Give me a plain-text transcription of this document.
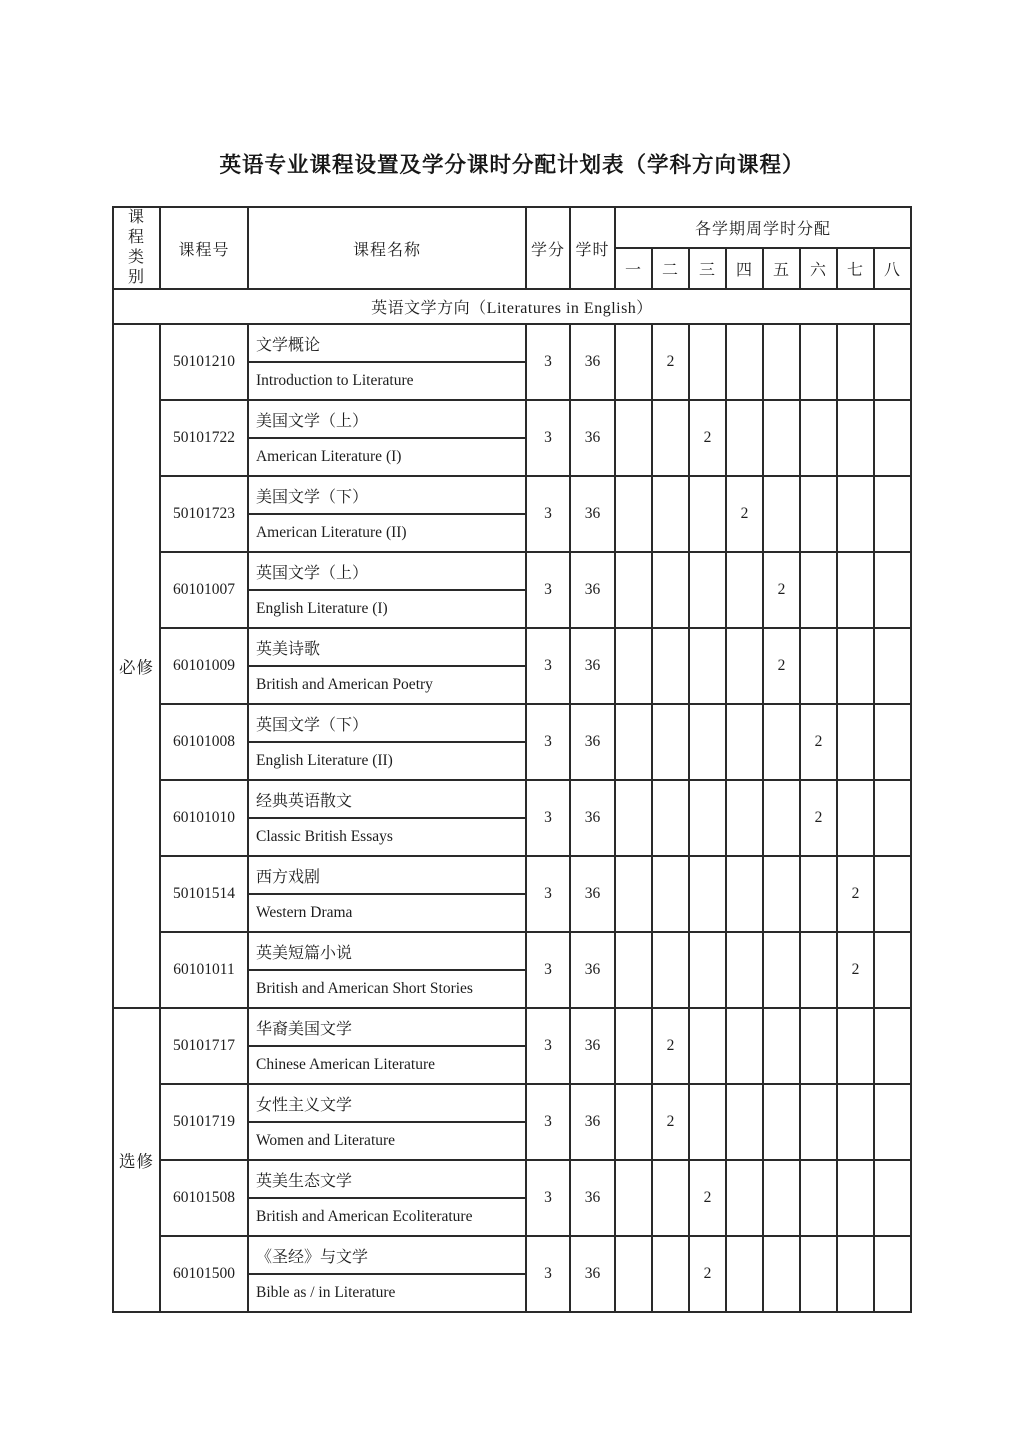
英语专业课程设置及学分课时分配计划表（学科方向课程）
课程 类别	课程号	课程名称	学分	学时	各学期周学时分配							
					一	二	三	四	五	六	七	八
英语文学方向（Literatures in English）												
必修	50101210	文学概论	3	36		2						
		Introduction to Literature										
	50101722	美国文学（上）	3	36			2					
		American Literature (I)										
	50101723	美国文学（下）	3	36				2				
		American Literature (II)										
	60101007	英国文学（上）	3	36					2			
		English Literature (I)										
	60101009	英美诗歌	3	36					2			
		British and American Poetry										
	60101008	英国文学（下）	3	36						2		
		English Literature (II)										
	60101010	经典英语散文	3	36						2		
		Classic British Essays										
	50101514	西方戏剧	3	36							2	
		Western Drama										
	60101011	英美短篇小说	3	36							2	
		British and American Short Stories										
选修	50101717	华裔美国文学	3	36		2						
		Chinese American Literature										
	50101719	女性主义文学	3	36		2						
		Women and Literature										
	60101508	英美生态文学	3	36			2					
		British and American Ecoliterature										
	60101500	《圣经》与文学	3	36			2					
		Bible as / in Literature										
